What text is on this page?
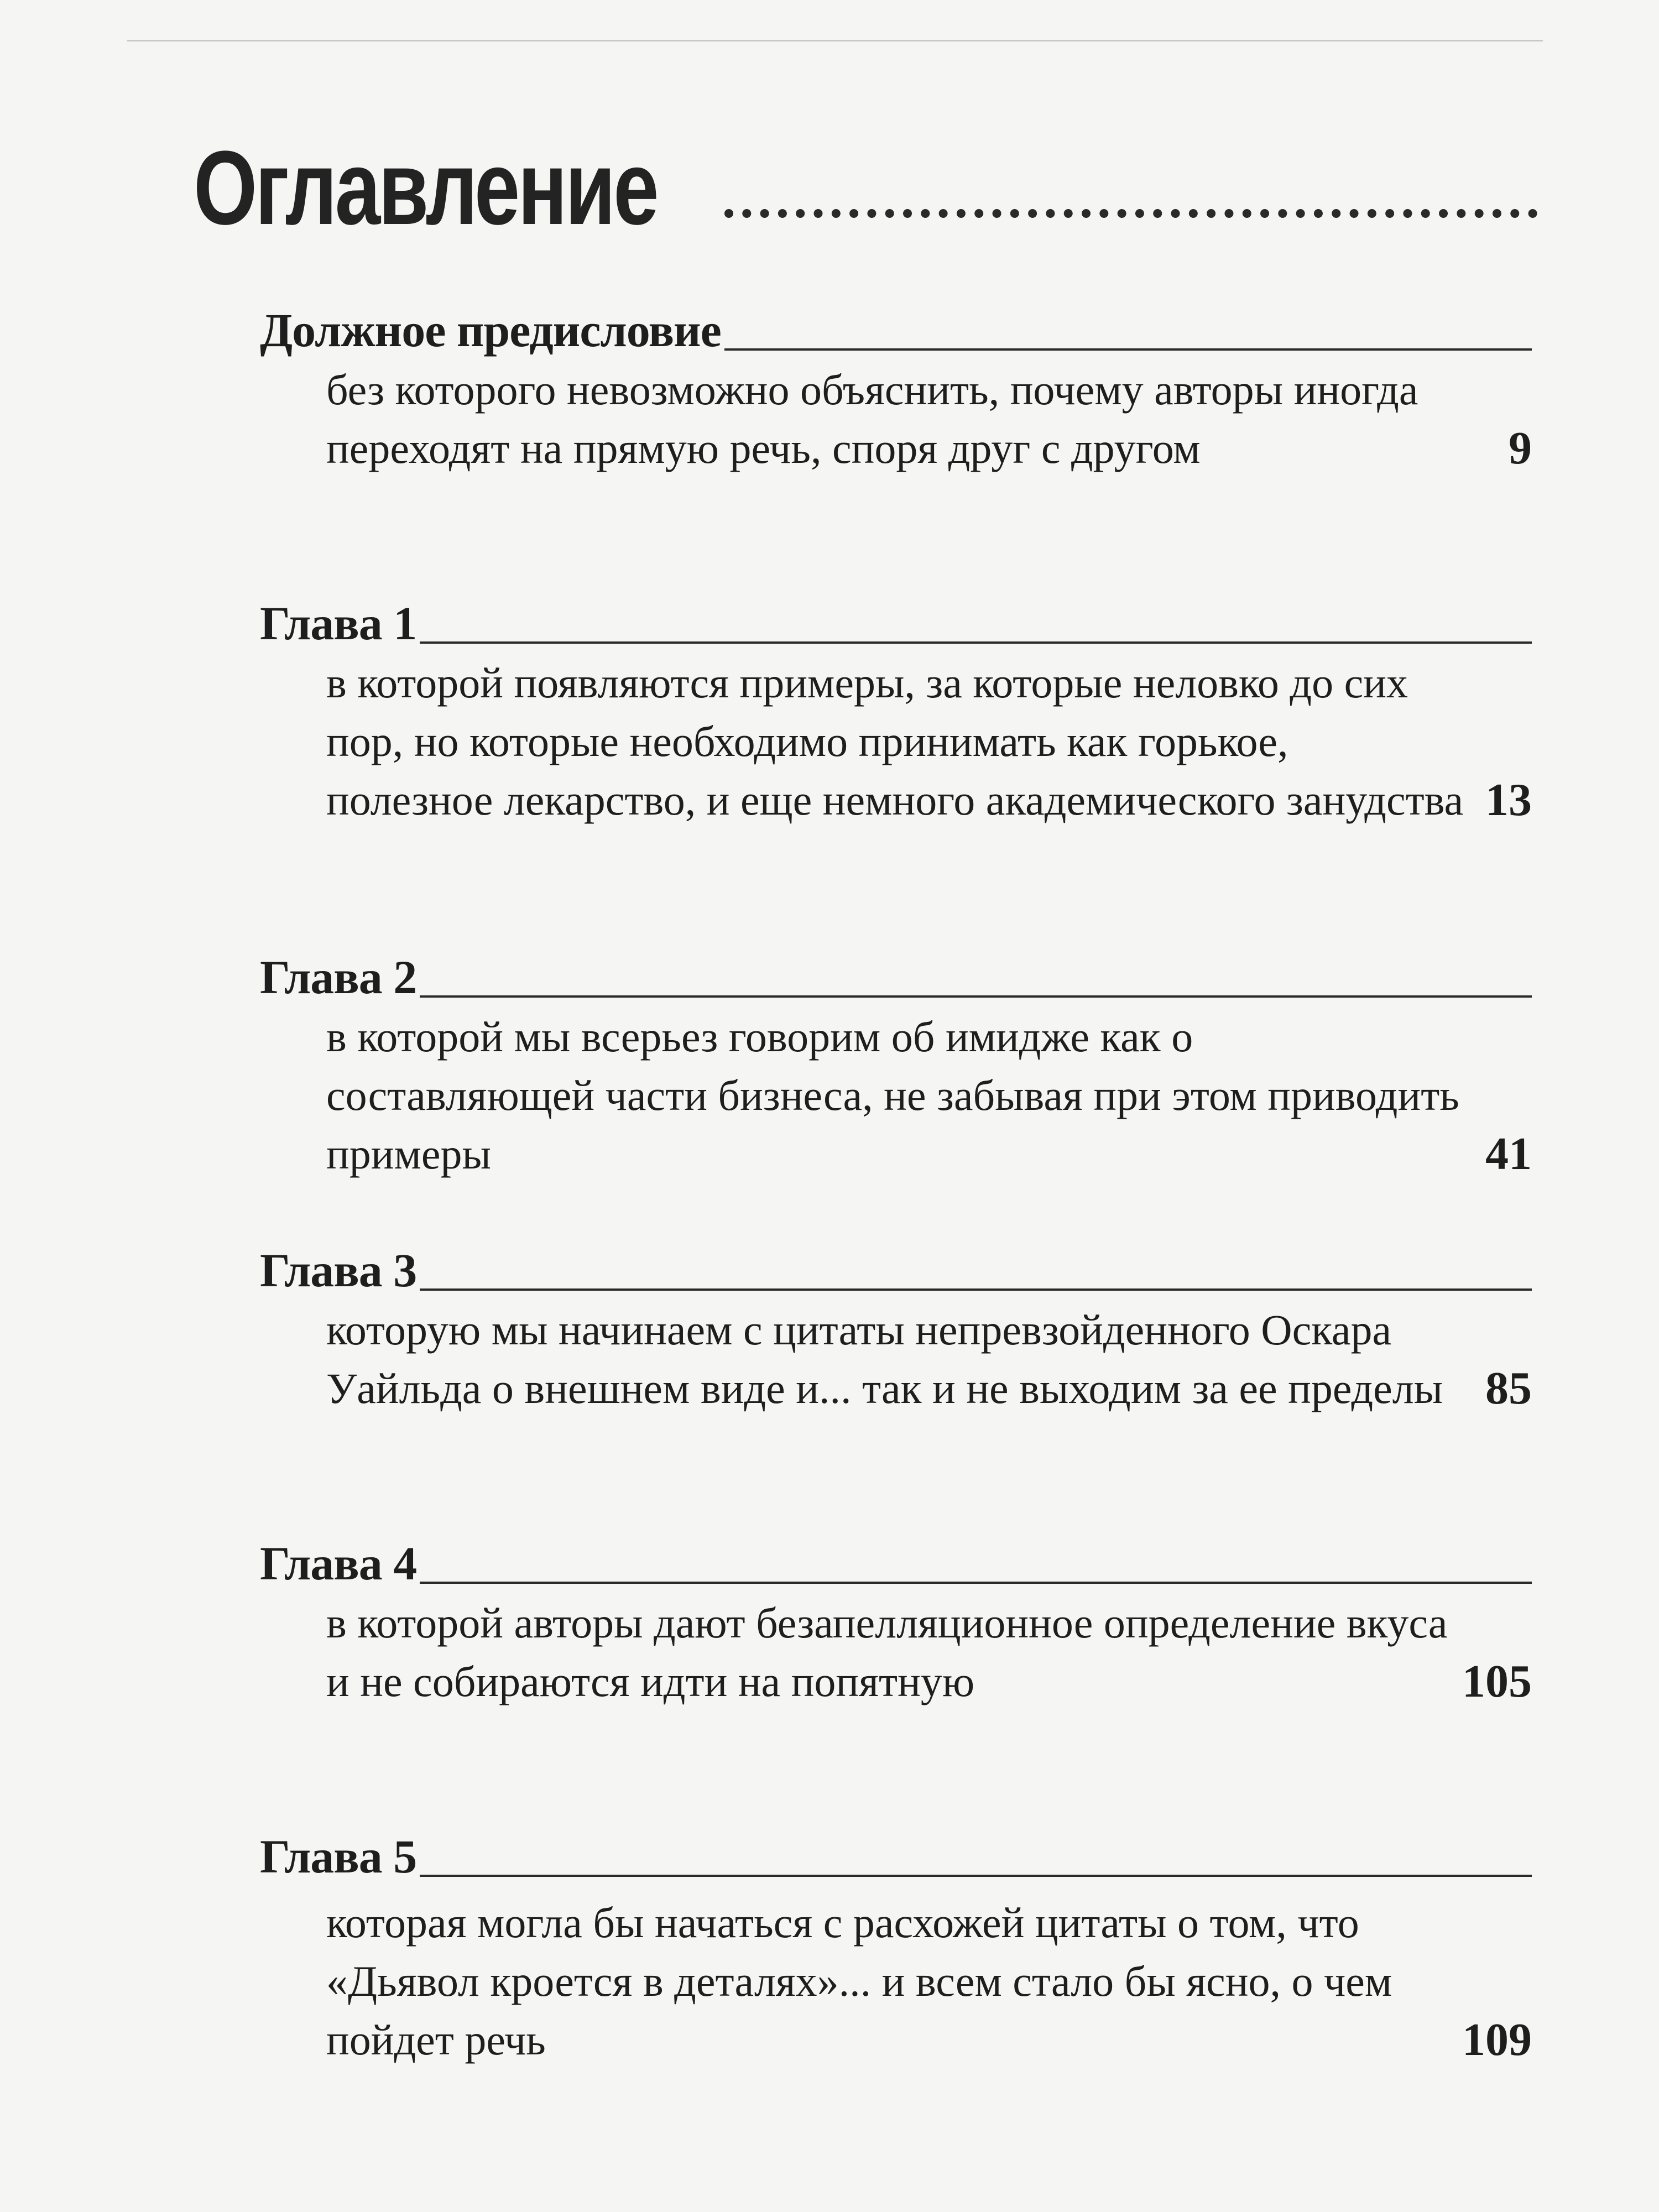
Оглавление
Должное предисловие
без которого невозможно объяснить, почему авторы иногда переходят на прямую речь, споря друг с другом	9
Глава 1
в которой появляются примеры, за которые неловко до сих пор, но которые необходимо принимать как горькое, полезное лекарство, и еще немного академического занудства 13
Глава 2
в которой мы всерьез говорим об имидже как о составляющей части бизнеса, не забывая при этом приводить примеры	41
Глава 3
которую мы начинаем с цитаты непревзойденного Оскара Уайльда о внешнем виде и... так и не выходим за ее пределы 85
Глава 4
в которой авторы дают безапелляционное определение вкуса и не собираются идти на попятную	105
Глава 5
которая могла бы начаться с расхожей цитаты о том, что «Дьявол кроется в деталях»... и всем стало бы ясно, о чем пойдет речь	109
